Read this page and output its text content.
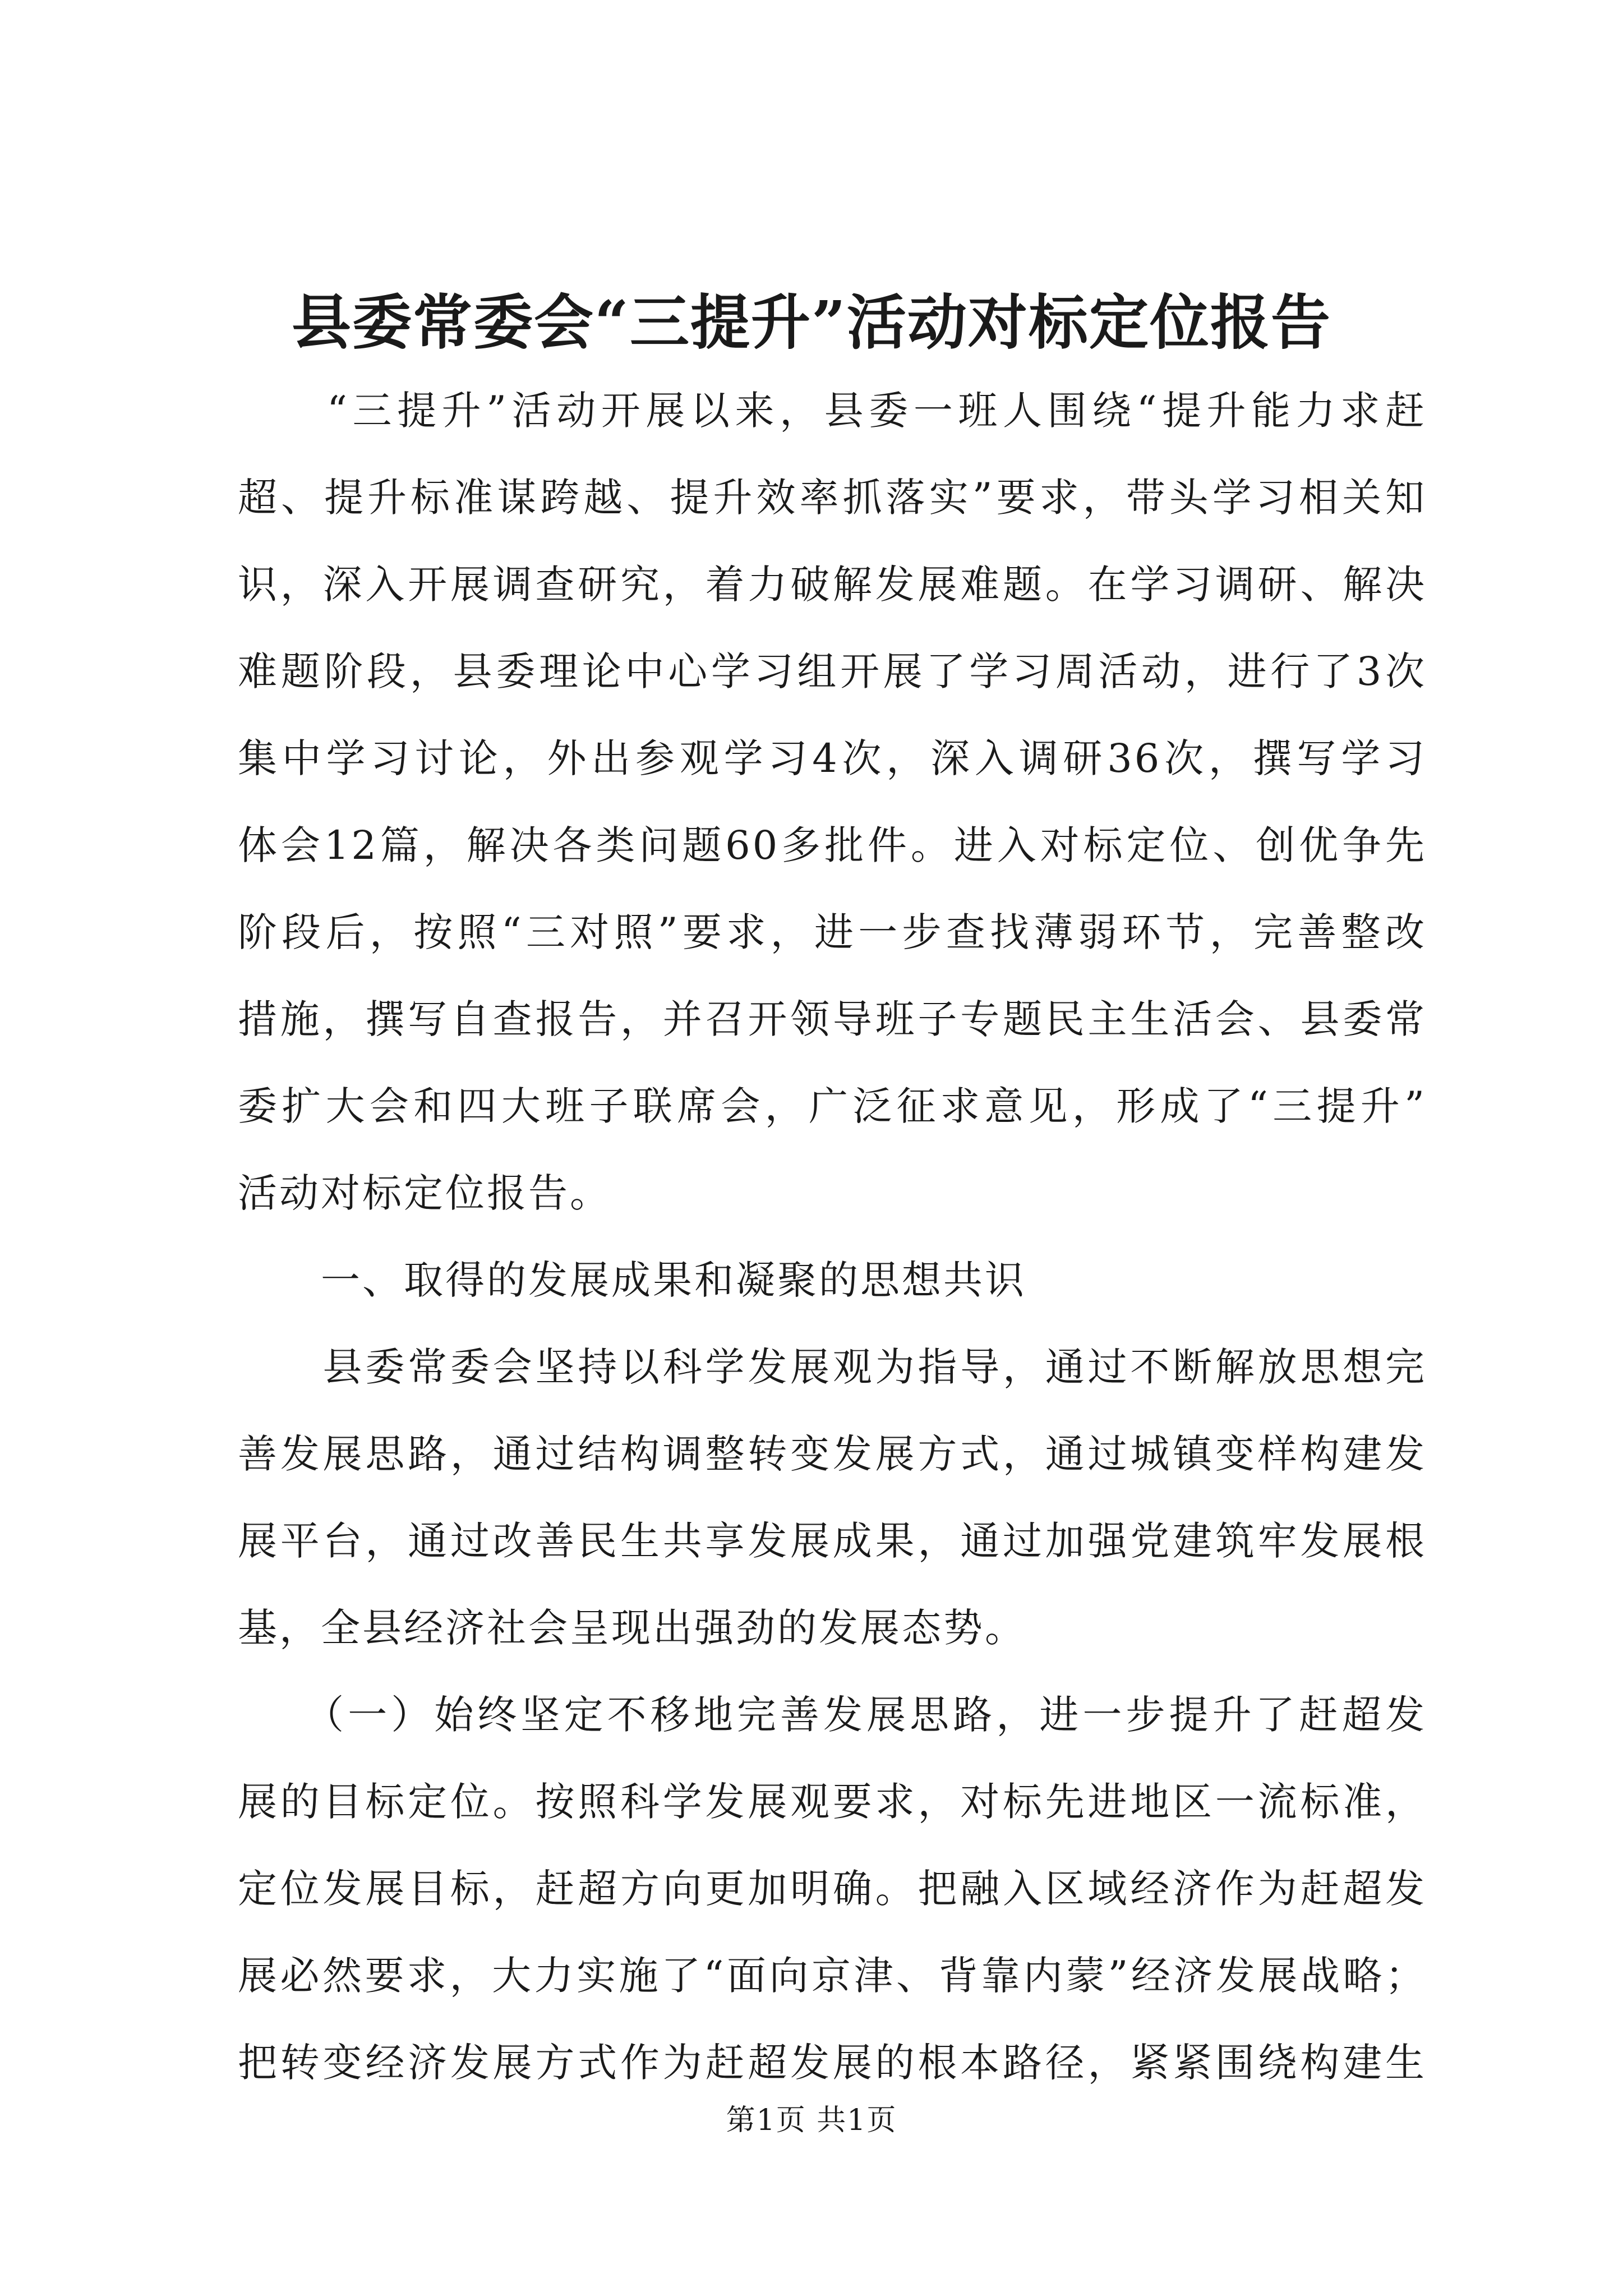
县委常委会“三提升”活动对标定位报告
　　“三提升”活动开展以来，县委一班人围绕“提升能力求赶
超、提升标准谋跨越、提升效率抓落实”要求，带头学习相关知
识，深入开展调查研究，着力破解发展难题。在学习调研、解决
难题阶段，县委理论中心学习组开展了学习周活动，进行了3次
集中学习讨论，外出参观学习4次，深入调研36次，撰写学习
体会12篇，解决各类问题60多批件。进入对标定位、创优争先
阶段后，按照“三对照”要求，进一步查找薄弱环节，完善整改
措施，撰写自查报告，并召开领导班子专题民主生活会、县委常
委扩大会和四大班子联席会，广泛征求意见，形成了“三提升”
活动对标定位报告。
　　一、取得的发展成果和凝聚的思想共识
　　县委常委会坚持以科学发展观为指导，通过不断解放思想完
善发展思路，通过结构调整转变发展方式，通过城镇变样构建发
展平台，通过改善民生共享发展成果，通过加强党建筑牢发展根
基，全县经济社会呈现出强劲的发展态势。
　　（一）始终坚定不移地完善发展思路，进一步提升了赶超发
展的目标定位。按照科学发展观要求，对标先进地区一流标准，
定位发展目标，赶超方向更加明确。把融入区域经济作为赶超发
展必然要求，大力实施了“面向京津、背靠内蒙”经济发展战略；
把转变经济发展方式作为赶超发展的根本路径，紧紧围绕构建生
第1页 共1页
